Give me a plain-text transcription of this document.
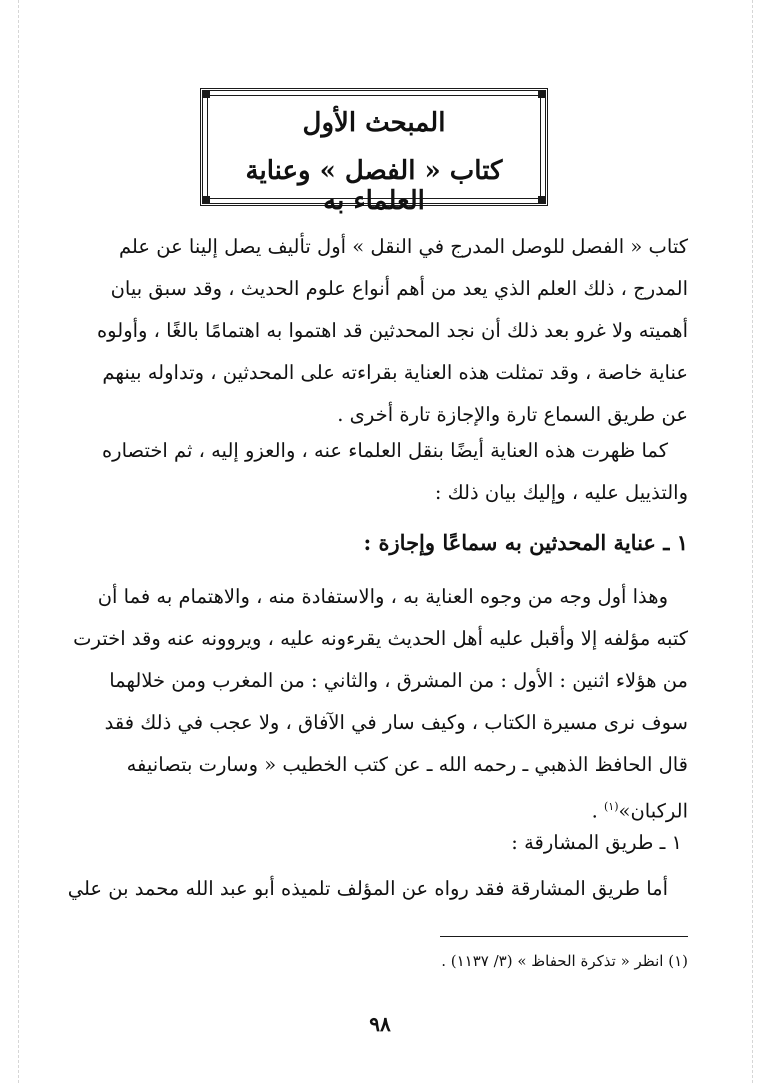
المبحث الأول
كتاب « الفصل » وعناية العلماء به
كتاب « الفصل للوصل المدرج في النقل » أول تأليف يصل إلينا عن علم
المدرج ، ذلك العلم الذي يعد من أهم أنواع علوم الحديث ، وقد سبق بيان
أهميته ولا غرو بعد ذلك أن نجد المحدثين قد اهتموا به اهتمامًا بالغًا ، وأولوه
عناية خاصة ، وقد تمثلت هذه العناية بقراءته على المحدثين ، وتداوله بينهم
عن طريق السماع تارة والإجازة تارة أخرى .
كما ظهرت هذه العناية أيضًا بنقل العلماء عنه ، والعزو إليه ، ثم اختصاره
والتذييل عليه ، وإليك بيان ذلك :
١ ـ عناية المحدثين به سماعًا وإجازة :
وهذا أول وجه من وجوه العناية به ، والاستفادة منه ، والاهتمام به فما أن
كتبه مؤلفه إلا وأقبل عليه أهل الحديث يقرءونه عليه ، ويروونه عنه وقد اخترت
من هؤلاء اثنين : الأول : من المشرق ، والثاني : من المغرب ومن خلالهما
سوف نرى مسيرة الكتاب ، وكيف سار في الآفاق ، ولا عجب في ذلك فقد
قال الحافظ الذهبي ـ رحمه الله ـ عن كتب الخطيب « وسارت بتصانيفه
الركبان»$^{(١)}$ .
١ ـ طريق المشارقة :
أما طريق المشارقة فقد رواه عن المؤلف تلميذه أبو عبد الله محمد بن علي
(١) انظر « تذكرة الحفاظ » (٣/ ١١٣٧) .
٩٨
